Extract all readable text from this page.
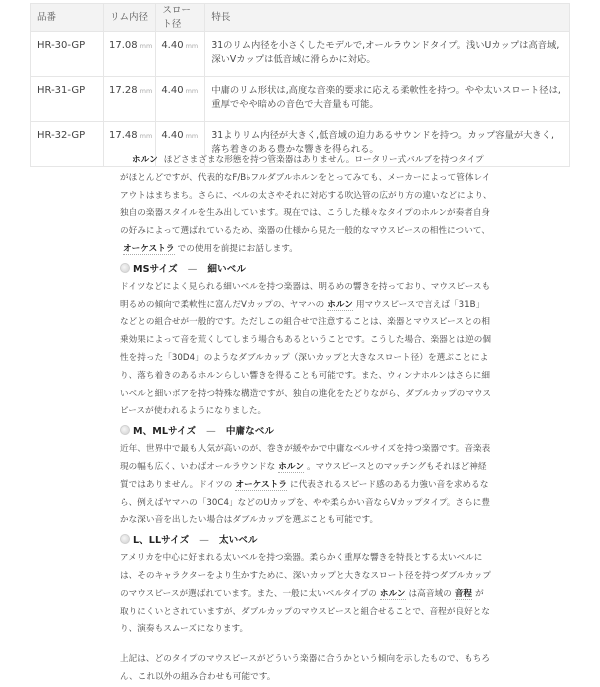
品番	リム内径	スロート径	特長
HR-30-GP	17.08 mm	4.40 mm	31のリム内径を小さくしたモデルで,オールラウンドタイプ。浅いUカップは高音域,深いVカップは低音域に滑らかに対応。
HR-31-GP	17.28 mm	4.40 mm	中庸のリム形状は,高度な音楽的要求に応える柔軟性を持つ。やや太いスロート径は,重厚でやや暗めの音色で大音量も可能。
HR-32-GP	17.48 mm	4.40 mm	31よりリム内径が大きく,低音域の迫力あるサウンドを持つ。カップ容量が大きく,落ち着きのある豊かな響きを得られる。

ホルン ほどさまざまな形態を持つ管楽器はありません。ロータリー式バルブを持つタイプがほとんどですが、代表的なF/B♭フルダブルホルンをとってみても、メーカーによって管体レイアウトはまちまち。さらに、ベルの太さやそれに対応する吹込管の広がり方の違いなどにより、独自の楽器スタイルを生み出しています。現在では、こうした様々なタイプのホルンが奏者自身の好みによって選ばれているため、楽器の仕様から見た一般的なマウスピースの相性について、オーケストラ での使用を前提にお話します。

MSサイズ — 細いベル

ドイツなどによく見られる細いベルを持つ楽器は、明るめの響きを持っており、マウスピースも明るめの傾向で柔軟性に富んだVカップの、ヤマハの ホルン 用マウスピースで言えば「31B」などとの組合せが一般的です。ただしこの組合せで注意することは、楽器とマウスピースとの相乗効果によって音を荒くしてしまう場合もあるということです。こうした場合、楽器とは逆の個性を持った「30D4」のようなダブルカップ（深いカップと大きなスロート径）を選ぶことにより、落ち着きのあるホルンらしい響きを得ることも可能です。また、ウィンナホルンはさらに細いベルと細いボアを持つ特殊な構造ですが、独自の進化をたどりながら、ダブルカップのマウスピースが使われるようになりました。

M、MLサイズ — 中庸なベル

近年、世界中で最も人気が高いのが、巻きが緩やかで中庸なベルサイズを持つ楽器です。音楽表現の幅も広く、いわばオールラウンドな ホルン 。マウスピースとのマッチングもそれほど神経質ではありません。ドイツの オーケストラ に代表されるスピード感のある力強い音を求めるなら、例えばヤマハの「30C4」などのUカップを、やや柔らかい音ならVカップタイプ。さらに豊かな深い音を出したい場合はダブルカップを選ぶことも可能です。

L、LLサイズ — 太いベル

アメリカを中心に好まれる太いベルを持つ楽器。柔らかく重厚な響きを特長とする太いベルには、そのキャラクターをより生かすために、深いカップと大きなスロート径を持つダブルカップのマウスピースが選ばれています。また、一般に太いベルタイプの ホルン は高音域の 音程 が取りにくいとされていますが、ダブルカップのマウスピースと組合せることで、音程が良好となり、演奏もスムーズになります。

上記は、どのタイプのマウスピースがどういう楽器に合うかという傾向を示したもので、もちろん、これ以外の組み合わせも可能です。
